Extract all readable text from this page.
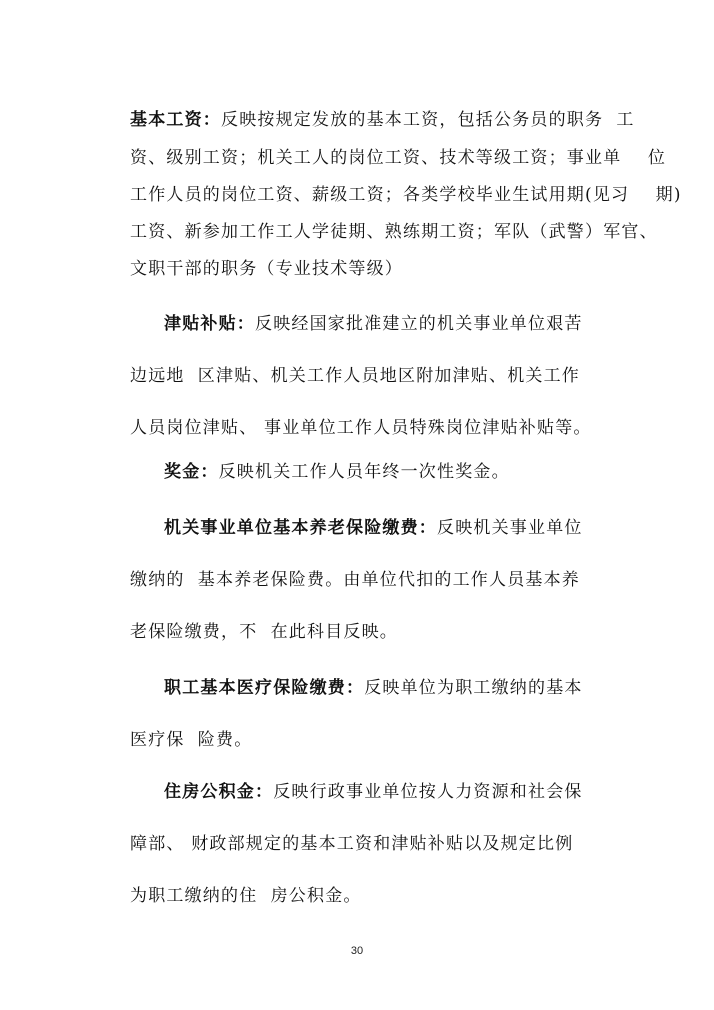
基本工资：反映按规定发放的基本工资，包括公务员的职务  工
资、级别工资；机关工人的岗位工资、技术等级工资；事业单    位
工作人员的岗位工资、薪级工资；各类学校毕业生试用期(见习    期)
工资、新参加工作工人学徒期、熟练期工资；军队（武警）军官、
文职干部的职务（专业技术等级）
津贴补贴：反映经国家批准建立的机关事业单位艰苦
边远地  区津贴、机关工作人员地区附加津贴、机关工作
人员岗位津贴、 事业单位工作人员特殊岗位津贴补贴等。
奖金：反映机关工作人员年终一次性奖金。
机关事业单位基本养老保险缴费：反映机关事业单位
缴纳的  基本养老保险费。由单位代扣的工作人员基本养
老保险缴费，不  在此科目反映。
职工基本医疗保险缴费：反映单位为职工缴纳的基本
医疗保  险费。
住房公积金：反映行政事业单位按人力资源和社会保
障部、 财政部规定的基本工资和津贴补贴以及规定比例
为职工缴纳的住  房公积金。
30
